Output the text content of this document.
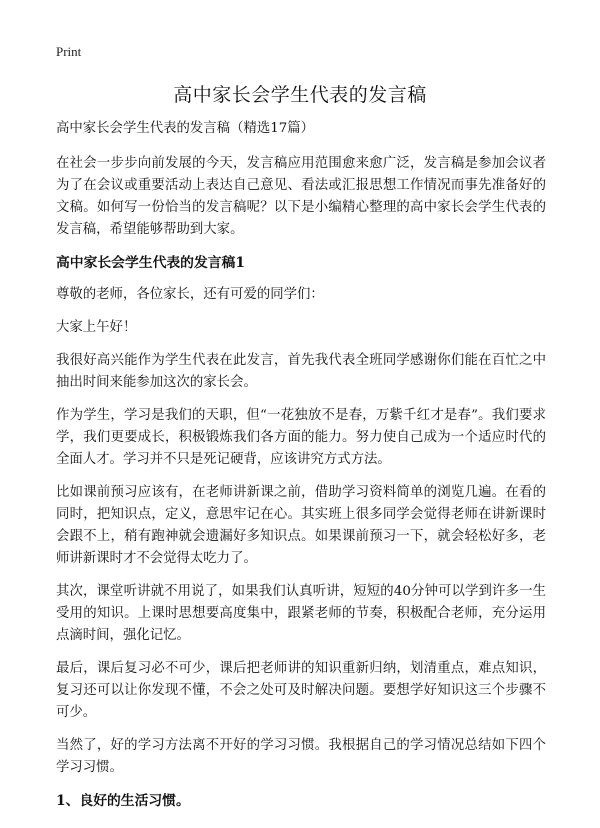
Print
高中家长会学生代表的发言稿

高中家长会学生代表的发言稿（精选17篇）

在社会一步步向前发展的今天，发言稿应用范围愈来愈广泛，发言稿是参加会议者为了在会议或重要活动上表达自己意见、看法或汇报思想工作情况而事先准备好的文稿。如何写一份恰当的发言稿呢？以下是小编精心整理的高中家长会学生代表的发言稿，希望能够帮助到大家。

高中家长会学生代表的发言稿1

尊敬的老师，各位家长，还有可爱的同学们：

大家上午好！

我很好高兴能作为学生代表在此发言，首先我代表全班同学感谢你们能在百忙之中抽出时间来能参加这次的家长会。

作为学生，学习是我们的天职，但“一花独放不是春，万紫千红才是春”。我们要求学，我们更要成长，积极锻炼我们各方面的能力。努力使自己成为一个适应时代的全面人才。学习并不只是死记硬背，应该讲究方式方法。

比如课前预习应该有，在老师讲新课之前，借助学习资料简单的浏览几遍。在看的同时，把知识点，定义，意思牢记在心。其实班上很多同学会觉得老师在讲新课时会跟不上，稍有跑神就会遗漏好多知识点。如果课前预习一下，就会轻松好多，老师讲新课时才不会觉得太吃力了。

其次，课堂听讲就不用说了，如果我们认真听讲，短短的40分钟可以学到许多一生受用的知识。上课时思想要高度集中，跟紧老师的节奏，积极配合老师，充分运用点滴时间，强化记忆。

最后，课后复习必不可少，课后把老师讲的知识重新归纳，划清重点，难点知识，复习还可以让你发现不懂，不会之处可及时解决问题。要想学好知识这三个步骤不可少。

当然了，好的学习方法离不开好的学习习惯。我根据自己的学习情况总结如下四个学习习惯。

1、良好的生活习惯。
